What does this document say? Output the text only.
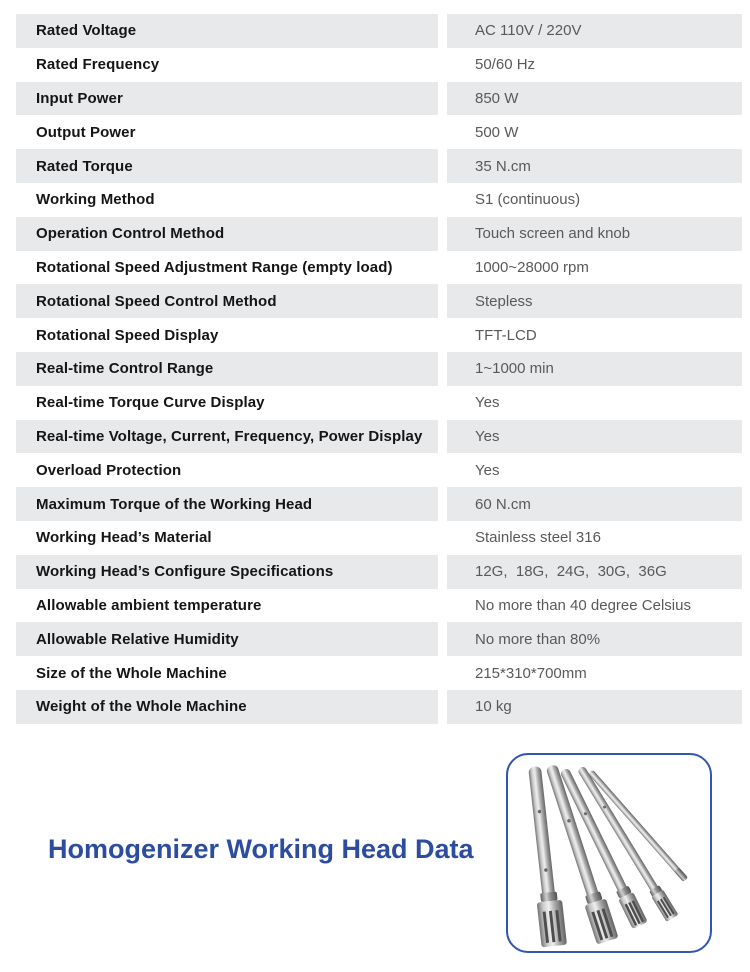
Rated Voltage	AC 110V / 220V
Rated Frequency	50/60 Hz
Input Power	850 W
Output Power	500 W
Rated Torque	35 N.cm
Working Method	S1 (continuous)
Operation Control Method	Touch screen and knob
Rotational Speed Adjustment Range (empty load)	1000~28000 rpm
Rotational Speed Control Method	Stepless
Rotational Speed Display	TFT-LCD
Real-time Control Range	1~1000 min
Real-time Torque Curve Display	Yes
Real-time Voltage, Current, Frequency, Power Display	Yes
Overload Protection	Yes
Maximum Torque of the Working Head	60 N.cm
Working Head’s Material	Stainless steel 316
Working Head’s Configure Specifications	12G,  18G,  24G,  30G,  36G
Allowable ambient temperature	No more than 40 degree Celsius
Allowable Relative Humidity	No more than 80%
Size of the Whole Machine	215*310*700mm
Weight of the Whole Machine	10 kg
Homogenizer Working Head Data
